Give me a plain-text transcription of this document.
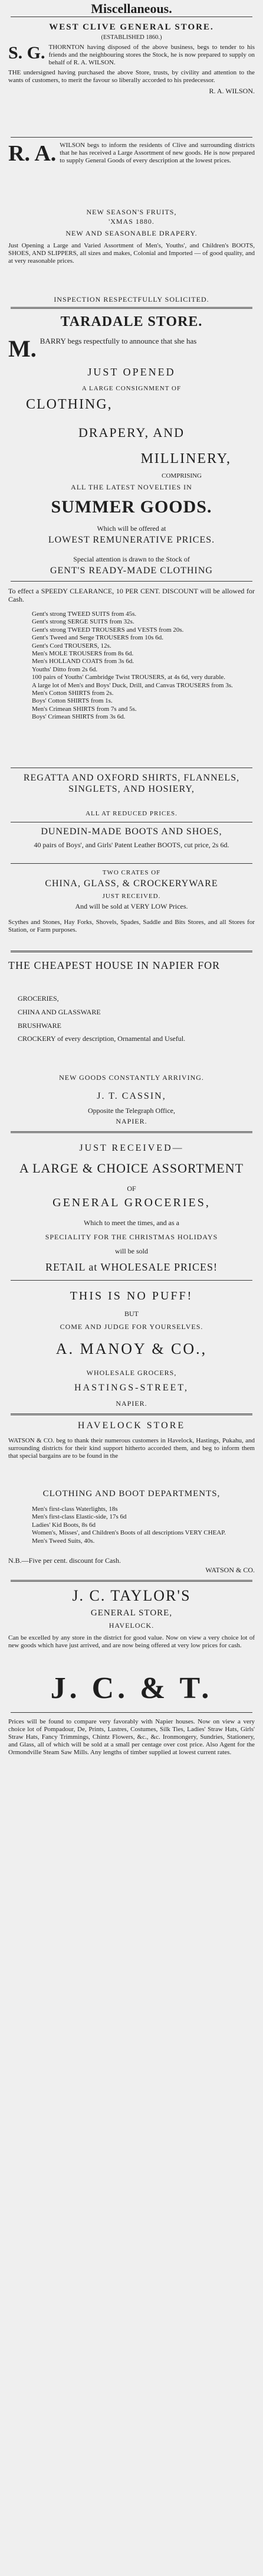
Miscellaneous.
WEST CLIVE GENERAL STORE.
(ESTABLISHED 1860.)
S. G. THORNTON having disposed of the above business, begs to tender to his friends and the neighbouring stores the Stock, he is now prepared to supply on behalf of R. A. WILSON.
THE undersigned having purchased the above Store, trusts, by civility and attention to the wants of customers, to merit the favour so liberally accorded to his predecessor.
R. A. WILSON.
R. A. WILSON begs to inform the residents of Clive and surrounding districts that he has received a Large Assortment of new goods. He is now prepared to supply General Goods of every description at the lowest prices.
NEW SEASON'S FRUITS,
'XMAS 1880.
NEW AND SEASONABLE DRAPERY.
Just Opening a Large and Varied Assortment of Men's, Youths', and Children's BOOTS, SHOES, AND SLIPPERS, all sizes and makes, Colonial and Imported — of good quality, and at very reasonable prices.
INSPECTION RESPECTFULLY SOLICITED.
TARADALE STORE.
M. BARRY begs respectfully to announce that she has
JUST OPENED
A LARGE CONSIGNMENT OF
CLOTHING,
DRAPERY, AND
MILLINERY,
COMPRISING
ALL THE LATEST NOVELTIES IN
SUMMER GOODS.
Which will be offered at
LOWEST REMUNERATIVE PRICES.
Special attention is drawn to the Stock of
GENT'S READY-MADE CLOTHING
To effect a SPEEDY CLEARANCE, 10 PER CENT. DISCOUNT will be allowed for Cash.
Gent's strong TWEED SUITS from 45s.
Gent's strong SERGE SUITS from 32s.
Gent's strong TWEED TROUSERS and VESTS from 20s.
Gent's Tweed and Serge TROUSERS from 10s 6d.
Gent's Cord TROUSERS, 12s.
Men's MOLE TROUSERS from 8s 6d.
Men's HOLLAND COATS from 3s 6d.
Youths' Ditto from 2s 6d.
100 pairs of Youths' Cambridge Twist TROUSERS, at 4s 6d, very durable.
A large lot of Men's and Boys' Duck, Drill, and Canvas TROUSERS from 3s.
Men's Cotton SHIRTS from 2s.
Boys' Cotton SHIRTS from 1s.
Men's Crimean SHIRTS from 7s and 5s.
Boys' Crimean SHIRTS from 3s 6d.
REGATTA AND OXFORD SHIRTS, FLANNELS, SINGLETS, AND HOSIERY,
ALL AT REDUCED PRICES.
DUNEDIN-MADE BOOTS AND SHOES,
40 pairs of Boys', and Girls' Patent Leather BOOTS, cut price, 2s 6d.
TWO CRATES OF
CHINA, GLASS, & CROCKERYWARE
JUST RECEIVED.
And will be sold at VERY LOW Prices.
Scythes and Stones, Hay Forks, Shovels, Spades, Saddle and Bits Stores, and all Stores for Station, or Farm purposes.
THE CHEAPEST HOUSE IN NAPIER FOR
GROCERIES,
CHINA AND GLASSWARE
BRUSHWARE
CROCKERY of every description, Ornamental and Useful.
NEW GOODS CONSTANTLY ARRIVING.
J. T. CASSIN,
Opposite the Telegraph Office,
NAPIER.
JUST RECEIVED—
A LARGE & CHOICE ASSORTMENT
OF
GENERAL GROCERIES,
Which to meet the times, and as a
SPECIALITY FOR THE CHRISTMAS HOLIDAYS
will be sold
RETAIL at WHOLESALE PRICES!
THIS IS NO PUFF!
BUT
COME AND JUDGE FOR YOURSELVES.
A. MANOY & CO.,
WHOLESALE GROCERS,
HASTINGS-STREET,
NAPIER.
HAVELOCK STORE
WATSON & CO. beg to thank their numerous customers in Havelock, Hastings, Pukahu, and surrounding districts for their kind support hitherto accorded them, and beg to inform them that special bargains are to be found in the
CLOTHING AND BOOT DEPARTMENTS,
Men's first-class Waterlights, 18s
Men's first-class Elastic-side, 17s 6d
Ladies' Kid Boots, 8s 6d
Women's, Misses', and Children's Boots of all descriptions VERY CHEAP.
Men's Tweed Suits, 40s.
N.B.—Five per cent. discount for Cash.
WATSON & CO.
J. C. TAYLOR'S
GENERAL STORE,
HAVELOCK.
Can be excelled by any store in the district for good value. Now on view a very choice lot of new goods which have just arrived, and are now being offered at very low prices for cash.
J. C. & T.
Prices will be found to compare very favorably with Napier houses. Now on view a very choice lot of Pompadour, De, Prints, Lustres, Costumes, Silk Ties, Ladies' Straw Hats, Girls' Straw Hats, Fancy Trimmings, Chintz Flowers, &c., &c. Ironmongery, Sundries, Stationery, and Glass, all of which will be sold at a small per centage over cost price. Also Agent for the Ormondville Steam Saw Mills. Any lengths of timber supplied at lowest current rates.
